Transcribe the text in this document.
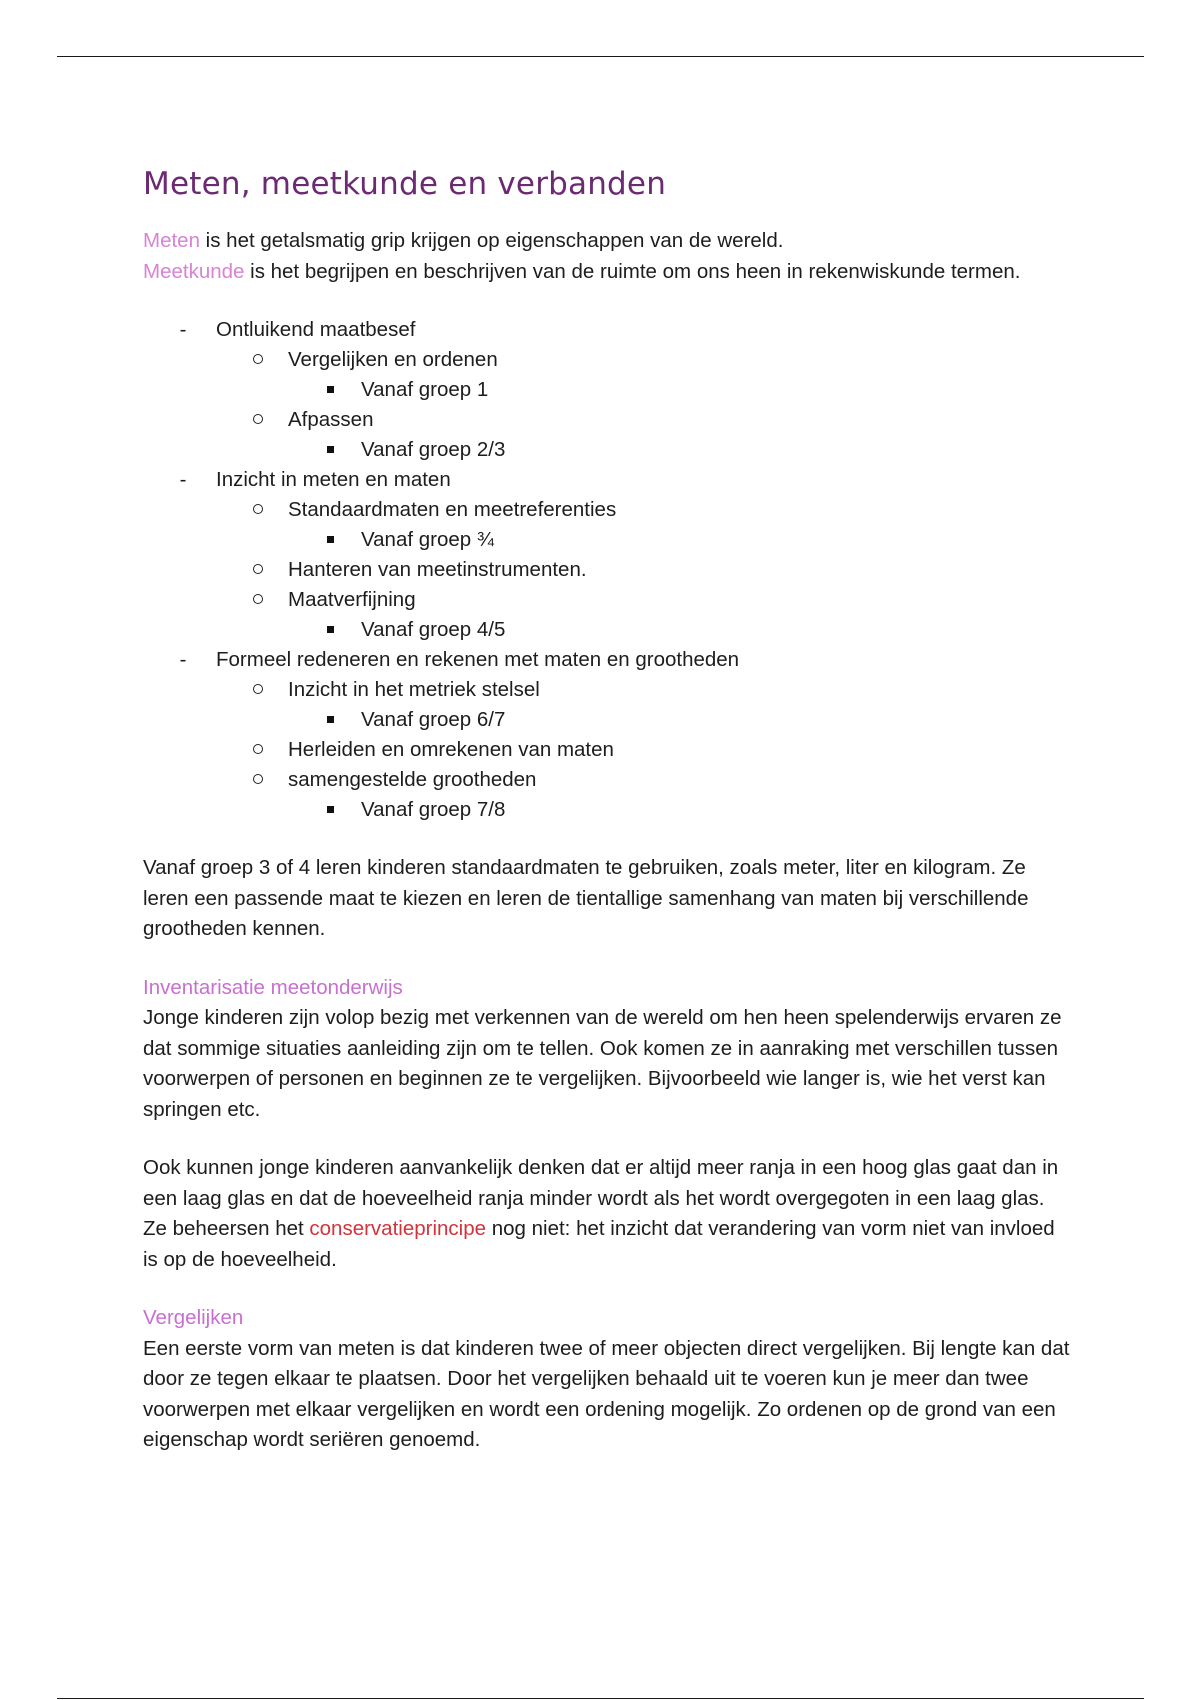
Meten, meetkunde en verbanden

Meten is het getalsmatig grip krijgen op eigenschappen van de wereld.

Meetkunde is het begrijpen en beschrijven van de ruimte om ons heen in rekenwiskunde termen.

-	Ontluikend maatbesef
Vergelijken en ordenen
Vanaf groep 1
Afpassen
Vanaf groep 2/3
-	Inzicht in meten en maten
Standaardmaten en meetreferenties
Vanaf groep ¾
Hanteren van meetinstrumenten.
Maatverfijning
Vanaf groep 4/5
-	Formeel redeneren en rekenen met maten en grootheden
Inzicht in het metriek stelsel
Vanaf groep 6/7
Herleiden en omrekenen van maten
samengestelde grootheden
Vanaf groep 7/8

Vanaf groep 3 of 4 leren kinderen standaardmaten te gebruiken, zoals meter, liter en kilogram. Ze leren een passende maat te kiezen en leren de tientallige samenhang van maten bij verschillende grootheden kennen.

Inventarisatie meetonderwijs

Jonge kinderen zijn volop bezig met verkennen van de wereld om hen heen spelenderwijs ervaren ze dat sommige situaties aanleiding zijn om te tellen. Ook komen ze in aanraking met verschillen tussen voorwerpen of personen en beginnen ze te vergelijken. Bijvoorbeeld wie langer is, wie het verst kan springen etc.

Ook kunnen jonge kinderen aanvankelijk denken dat er altijd meer ranja in een hoog glas gaat dan in een laag glas en dat de hoeveelheid ranja minder wordt als het wordt overgegoten in een laag glas. Ze beheersen het conservatieprincipe nog niet: het inzicht dat verandering van vorm niet van invloed is op de hoeveelheid.

Vergelijken

Een eerste vorm van meten is dat kinderen twee of meer objecten direct vergelijken. Bij lengte kan dat door ze tegen elkaar te plaatsen. Door het vergelijken behaald uit te voeren kun je meer dan twee voorwerpen met elkaar vergelijken en wordt een ordening mogelijk. Zo ordenen op de grond van een eigenschap wordt seriëren genoemd.
